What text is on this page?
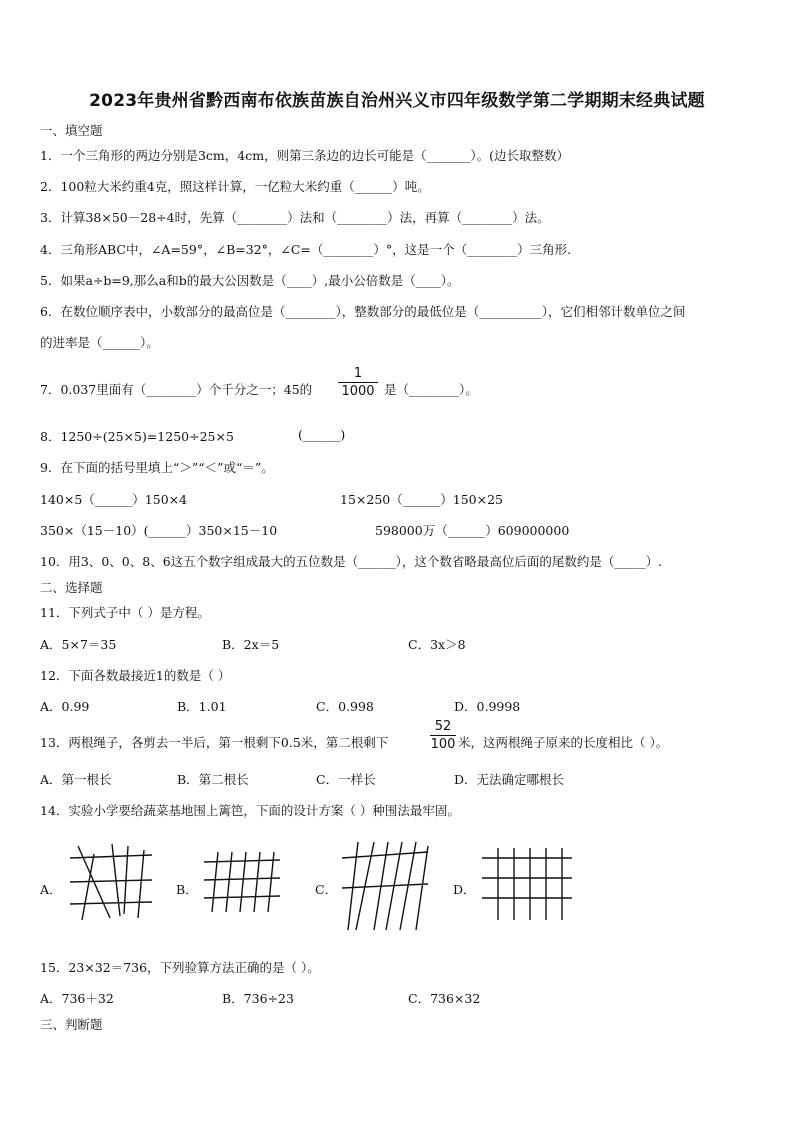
2023年贵州省黔西南布依族苗族自治州兴义市四年级数学第二学期期末经典试题
一、填空题
1．一个三角形的两边分别是3cm，4cm，则第三条边的边长可能是（_______）。(边长取整数）
2．100粒大米约重4克，照这样计算，一亿粒大米约重（______）吨。
3．计算38×50－28÷4时，先算（________）法和（________）法，再算（________）法。
4．三角形ABC中，∠A=59°，∠B=32°，∠C=（________）°，这是一个（________）三角形.
5．如果a÷b=9,那么a和b的最大公因数是（____）,最小公倍数是（____）。
6．在数位顺序表中，小数部分的最高位是（________），整数部分的最低位是（__________），它们相邻计数单位之间
的进率是（______）。
7．0.037里面有（________）个千分之一；45的
1
1000 是（________）。
8．1250÷(25×5)=1250÷25×5	(______)
9．在下面的括号里填上“＞”“＜”或“＝”。
140×5（______）150×4	15×250（______）150×25
350×（15－10）(______）350×15－10	598000万（______）609000000
10．用3、0、0、8、6这五个数字组成最大的五位数是（______），这个数省略最高位后面的尾数约是（_____）.
二、选择题
11．下列式子中（ ）是方程。
A．5×7＝35	B．2x＝5	C．3x＞8
12．下面各数最接近1的数是（ ）
A．0.99	B．1.01	C．0.998	D．0.9998
13．两根绳子，各剪去一半后，第一根剩下0.5米，第二根剩下
52
100 米，这两根绳子原来的长度相比（ ）。
A．第一根长	B．第二根长	C．一样长	D．无法确定哪根长
14．实验小学要给蔬菜基地围上篱笆，下面的设计方案（ ）种围法最牢固。
A．	B．	C．	D．
15．23×32＝736，下列验算方法正确的是（ ）。
A．736＋32	B．736÷23	C．736×32
三、判断题
